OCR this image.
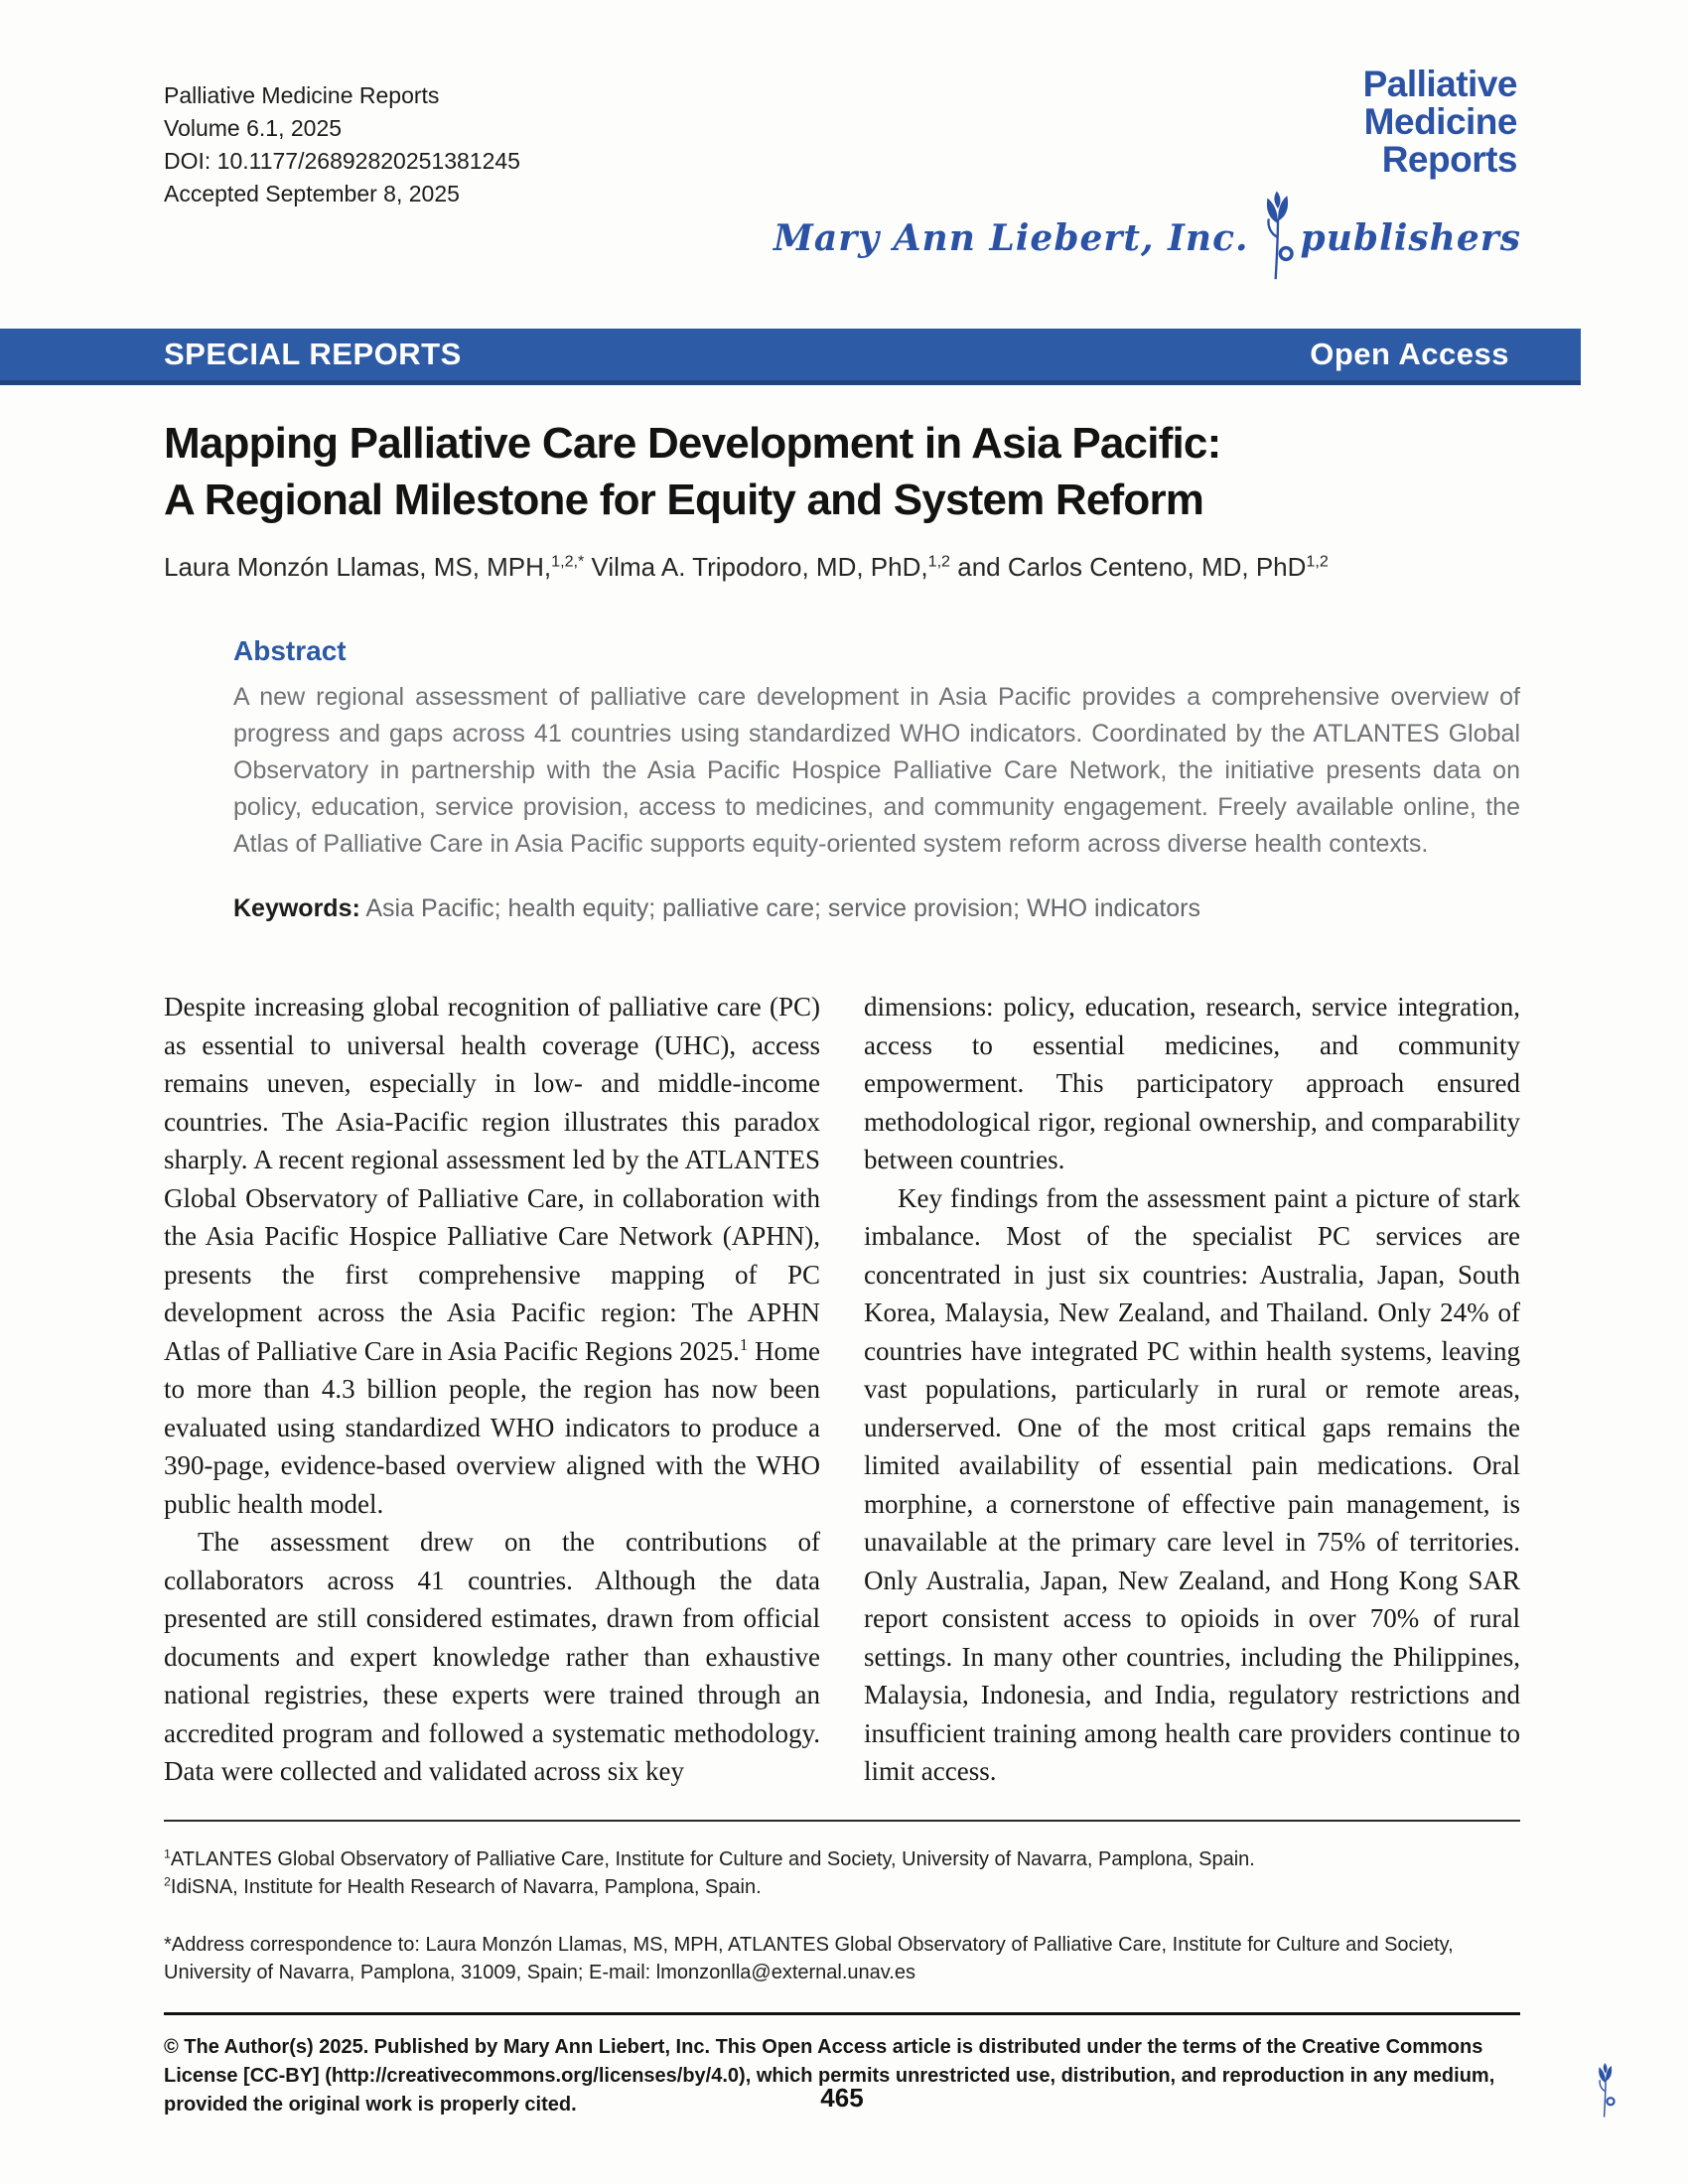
Palliative Medicine Reports
Volume 6.1, 2025
DOI: 10.1177/26892820251381245
Accepted September 8, 2025
Palliative
Medicine
Reports
Mary Ann Liebert, Inc. publishers
SPECIAL REPORTS	Open Access
Mapping Palliative Care Development in Asia Pacific:
A Regional Milestone for Equity and System Reform
Laura Monzón Llamas, MS, MPH,$^{1,2,*}$ Vilma A. Tripodoro, MD, PhD,$^{1,2}$ and Carlos Centeno, MD, PhD$^{1,2}$
Abstract

A new regional assessment of palliative care development in Asia Pacific provides a comprehensive overview of progress and gaps across 41 countries using standardized WHO indicators. Coordinated by the ATLANTES Global Observatory in partnership with the Asia Pacific Hospice Palliative Care Network, the initiative presents data on policy, education, service provision, access to medicines, and community engagement. Freely available online, the Atlas of Palliative Care in Asia Pacific supports equity-oriented system reform across diverse health contexts.

Keywords: Asia Pacific; health equity; palliative care; service provision; WHO indicators

Despite increasing global recognition of palliative care (PC) as essential to universal health coverage (UHC), access remains uneven, especially in low- and middle-income countries. The Asia-Pacific region illustrates this paradox sharply. A recent regional assessment led by the ATLANTES Global Observatory of Palliative Care, in collaboration with the Asia Pacific Hospice Palliative Care Network (APHN), presents the first comprehensive mapping of PC development across the Asia Pacific region: The APHN Atlas of Palliative Care in Asia Pacific Regions 2025.$^1$ Home to more than 4.3 billion people, the region has now been evaluated using standardized WHO indicators to produce a 390-page, evidence-based overview aligned with the WHO public health model.

The assessment drew on the contributions of collaborators across 41 countries. Although the data presented are still considered estimates, drawn from official documents and expert knowledge rather than exhaustive national registries, these experts were trained through an accredited program and followed a systematic methodology. Data were collected and validated across six key

dimensions: policy, education, research, service integration, access to essential medicines, and community empowerment. This participatory approach ensured methodological rigor, regional ownership, and comparability between countries.

Key findings from the assessment paint a picture of stark imbalance. Most of the specialist PC services are concentrated in just six countries: Australia, Japan, South Korea, Malaysia, New Zealand, and Thailand. Only 24% of countries have integrated PC within health systems, leaving vast populations, particularly in rural or remote areas, underserved. One of the most critical gaps remains the limited availability of essential pain medications. Oral morphine, a cornerstone of effective pain management, is unavailable at the primary care level in 75% of territories. Only Australia, Japan, New Zealand, and Hong Kong SAR report consistent access to opioids in over 70% of rural settings. In many other countries, including the Philippines, Malaysia, Indonesia, and India, regulatory restrictions and insufficient training among health care providers continue to limit access.

$^1$ATLANTES Global Observatory of Palliative Care, Institute for Culture and Society, University of Navarra, Pamplona, Spain.

$^2$IdiSNA, Institute for Health Research of Navarra, Pamplona, Spain.

*Address correspondence to: Laura Monzón Llamas, MS, MPH, ATLANTES Global Observatory of Palliative Care, Institute for Culture and Society, University of Navarra, Pamplona, 31009, Spain; E-mail: lmonzonlla@external.unav.es

© The Author(s) 2025. Published by Mary Ann Liebert, Inc. This Open Access article is distributed under the terms of the Creative Commons License [CC-BY] (http://creativecommons.org/licenses/by/4.0), which permits unrestricted use, distribution, and reproduction in any medium, provided the original work is properly cited.	465
